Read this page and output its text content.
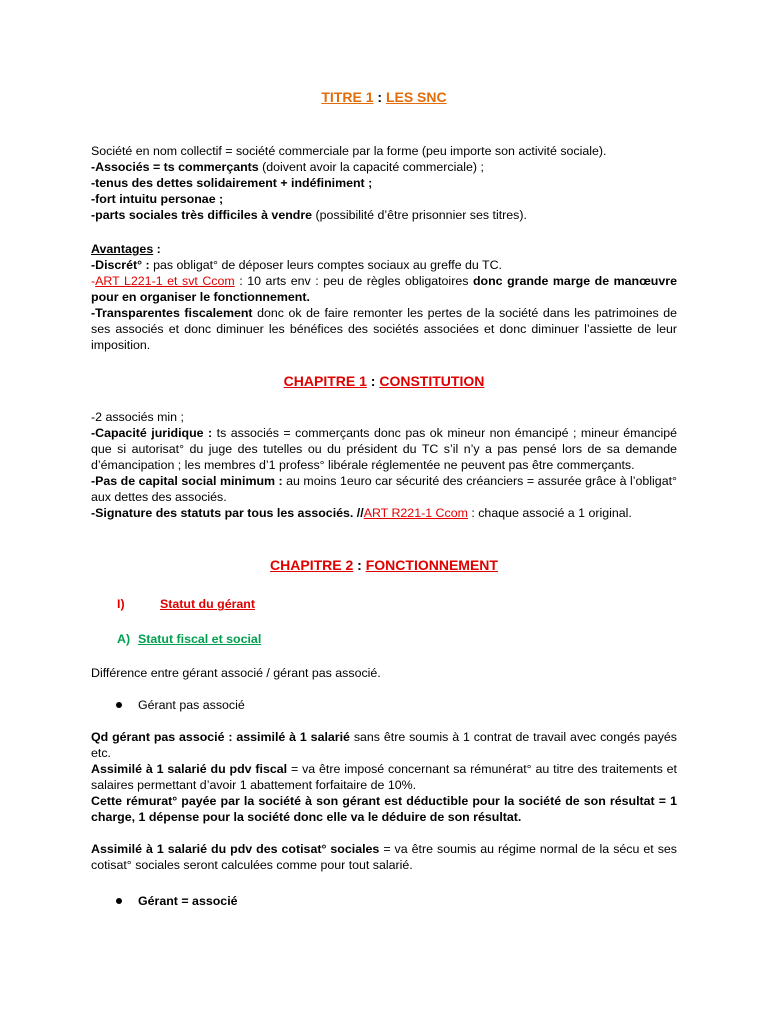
TITRE 1 : LES SNC

Société en nom collectif = société commerciale par la forme (peu importe son activité sociale).

-Associés = ts commerçants (doivent avoir la capacité commerciale) ;

-tenus des dettes solidairement + indéfiniment ;

-fort intuitu personae ;

-parts sociales très difficiles à vendre (possibilité d’être prisonnier ses titres).

Avantages :

-Discrét° : pas obligat° de déposer leurs comptes sociaux au greffe du TC.

-ART L221-1 et svt Ccom : 10 arts env : peu de règles obligatoires donc grande marge de manœuvre pour en organiser le fonctionnement.

-Transparentes fiscalement donc ok de faire remonter les pertes de la société dans les patrimoines de ses associés et donc diminuer les bénéfices des sociétés associées et donc diminuer l’assiette de leur imposition.

CHAPITRE 1 : CONSTITUTION

-2 associés min ;

-Capacité juridique : ts associés = commerçants donc pas ok mineur non émancipé ; mineur émancipé que si autorisat° du juge des tutelles ou du président du TC s’il n’y a pas pensé lors de sa demande d’émancipation ; les membres d’1 profess° libérale réglementée ne peuvent pas être commerçants.

-Pas de capital social minimum : au moins 1euro car sécurité des créanciers = assurée grâce à l’obligat° aux dettes des associés.

-Signature des statuts par tous les associés. //ART R221-1 Ccom : chaque associé a 1 original.

CHAPITRE 2 : FONCTIONNEMENT
I)	Statut du gérant
A) Statut fiscal et social

Différence entre gérant associé / gérant pas associé.

Gérant pas associé

Qd gérant pas associé : assimilé à 1 salarié sans être soumis à 1 contrat de travail avec congés payés etc.

Assimilé à 1 salarié du pdv fiscal = va être imposé concernant sa rémunérat° au titre des traitements et salaires permettant d’avoir 1 abattement forfaitaire de 10%.

Cette rémurat° payée par la société à son gérant est déductible pour la société de son résultat = 1 charge, 1 dépense pour la société donc elle va le déduire de son résultat.

Assimilé à 1 salarié du pdv des cotisat° sociales = va être soumis au régime normal de la sécu et ses cotisat° sociales seront calculées comme pour tout salarié.

Gérant = associé
